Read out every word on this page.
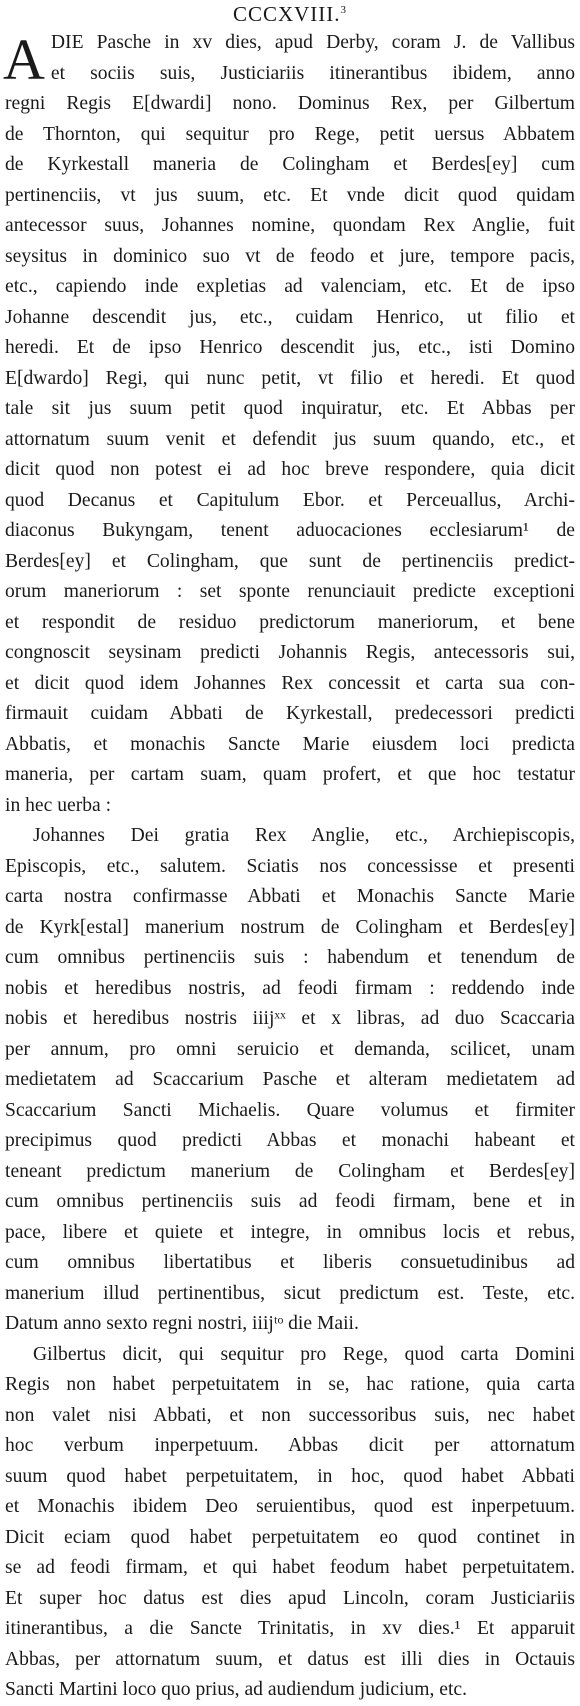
CCCXVIII.$^3$
A DIE Pasche in xv dies, apud Derby, coram J. de Vallibus
et sociis suis, Justiciariis itinerantibus ibidem, anno
regni Regis E[dwardi] nono. Dominus Rex, per Gilbertum
de Thornton, qui sequitur pro Rege, petit uersus Abbatem
de Kyrkestall maneria de Colingham et Berdes[ey] cum
pertinenciis, vt jus suum, etc. Et vnde dicit quod quidam
antecessor suus, Johannes nomine, quondam Rex Anglie, fuit
seysitus in dominico suo vt de feodo et jure, tempore pacis,
etc., capiendo inde expletias ad valenciam, etc. Et de ipso
Johanne descendit jus, etc., cuidam Henrico, ut filio et
heredi. Et de ipso Henrico descendit jus, etc., isti Domino
E[dwardo] Regi, qui nunc petit, vt filio et heredi. Et quod
tale sit jus suum petit quod inquiratur, etc. Et Abbas per
attornatum suum venit et defendit jus suum quando, etc., et
dicit quod non potest ei ad hoc breve respondere, quia dicit
quod Decanus et Capitulum Ebor. et Perceuallus, Archi-
diaconus Bukyngam, tenent aduocaciones ecclesiarum¹ de
Berdes[ey] et Colingham, que sunt de pertinenciis predict-
orum maneriorum : set sponte renunciauit predicte exceptioni
et respondit de residuo predictorum maneriorum, et bene
congnoscit seysinam predicti Johannis Regis, antecessoris sui,
et dicit quod idem Johannes Rex concessit et carta sua con-
firmauit cuidam Abbati de Kyrkestall, predecessori predicti
Abbatis, et monachis Sancte Marie eiusdem loci predicta
maneria, per cartam suam, quam profert, et que hoc testatur
in hec uerba :
Johannes Dei gratia Rex Anglie, etc., Archiepiscopis,
Episcopis, etc., salutem. Sciatis nos concessisse et presenti
carta nostra confirmasse Abbati et Monachis Sancte Marie
de Kyrk[estal] manerium nostrum de Colingham et Berdes[ey]
cum omnibus pertinenciis suis : habendum et tenendum de
nobis et heredibus nostris, ad feodi firmam : reddendo inde
nobis et heredibus nostris iiijˣˣ et x libras, ad duo Scaccaria
per annum, pro omni seruicio et demanda, scilicet, unam
medietatem ad Scaccarium Pasche et alteram medietatem ad
Scaccarium Sancti Michaelis. Quare volumus et firmiter
precipimus quod predicti Abbas et monachi habeant et
teneant predictum manerium de Colingham et Berdes[ey]
cum omnibus pertinenciis suis ad feodi firmam, bene et in
pace, libere et quiete et integre, in omnibus locis et rebus,
cum omnibus libertatibus et liberis consuetudinibus ad
manerium illud pertinentibus, sicut predictum est. Teste, etc.
Datum anno sexto regni nostri, iiijᵗᵒ die Maii.
Gilbertus dicit, qui sequitur pro Rege, quod carta Domini
Regis non habet perpetuitatem in se, hac ratione, quia carta
non valet nisi Abbati, et non successoribus suis, nec habet
hoc verbum inperpetuum. Abbas dicit per attornatum
suum quod habet perpetuitatem, in hoc, quod habet Abbati
et Monachis ibidem Deo seruientibus, quod est inperpetuum.
Dicit eciam quod habet perpetuitatem eo quod continet in
se ad feodi firmam, et qui habet feodum habet perpetuitatem.
Et super hoc datus est dies apud Lincoln, coram Justiciariis
itinerantibus, a die Sancte Trinitatis, in xv dies.¹ Et apparuit
Abbas, per attornatum suum, et datus est illi dies in Octauis
Sancti Martini loco quo prius, ad audiendum judicium, etc.
